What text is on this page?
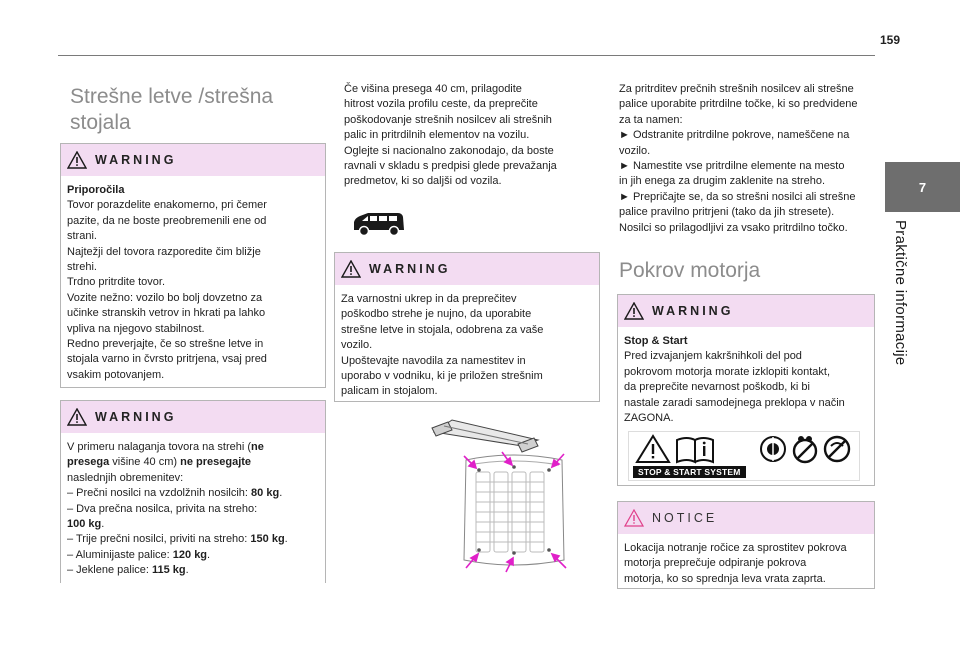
159
7
Praktične informacije
Strešne letve /strešna
stojala
WARNING

Priporočila

Tovor porazdelite enakomerno, pri čemer

pazite, da ne boste preobremenili ene od

strani.

Najtežji del tovora razporedite čim bližje

strehi.

Trdno pritrdite tovor.

Vozite nežno: vozilo bo bolj dovzetno za

učinke stranskih vetrov in hkrati pa lahko

vpliva na njegovo stabilnost.

Redno preverjajte, če so strešne letve in

stojala varno in čvrsto pritrjena, vsaj pred

vsakim potovanjem.

WARNING

V primeru nalaganja tovora na strehi (ne

presega višine 40 cm) ne presegajte

naslednjih obremenitev:

– Prečni nosilci na vzdolžnih nosilcih: 80 kg.

– Dva prečna nosilca, privita na streho:

100 kg.

– Trije prečni nosilci, priviti na streho: 150 kg.

– Aluminijaste palice: 120 kg.

– Jeklene palice: 115 kg.

Če višina presega 40 cm, prilagodite

hitrost vozila profilu ceste, da preprečite

poškodovanje strešnih nosilcev ali strešnih

palic in pritrdilnih elementov na vozilu.

Oglejte si nacionalno zakonodajo, da boste

ravnali v skladu s predpisi glede prevažanja

predmetov, ki so daljši od vozila.

WARNING

Za varnostni ukrep in da preprečitev

poškodbo strehe je nujno, da uporabite

strešne letve in stojala, odobrena za vaše

vozilo.

Upoštevajte navodila za namestitev in

uporabo v vodniku, ki je priložen strešnim

palicam in stojalom.

Za pritrditev prečnih strešnih nosilcev ali strešne

palice uporabite pritrdilne točke, ki so predvidene

za ta namen:

► Odstranite pritrdilne pokrove, nameščene na

vozilo.

► Namestite vse pritrdilne elemente na mesto

in jih enega za drugim zaklenite na streho.

► Prepričajte se, da so strešni nosilci ali strešne

palice pravilno pritrjeni (tako da jih stresete).

Nosilci so prilagodljivi za vsako pritrdilno točko.

Pokrov motorja
WARNING

Stop & Start

Pred izvajanjem kakršnihkoli del pod

pokrovom motorja morate izklopiti kontakt,

da preprečite nevarnost poškodb, ki bi

nastale zaradi samodejnega preklopa v način

ZAGONA.

STOP & START SYSTEM
NOTICE

Lokacija notranje ročice za sprostitev pokrova

motorja preprečuje odpiranje pokrova

motorja, ko so sprednja leva vrata zaprta.
